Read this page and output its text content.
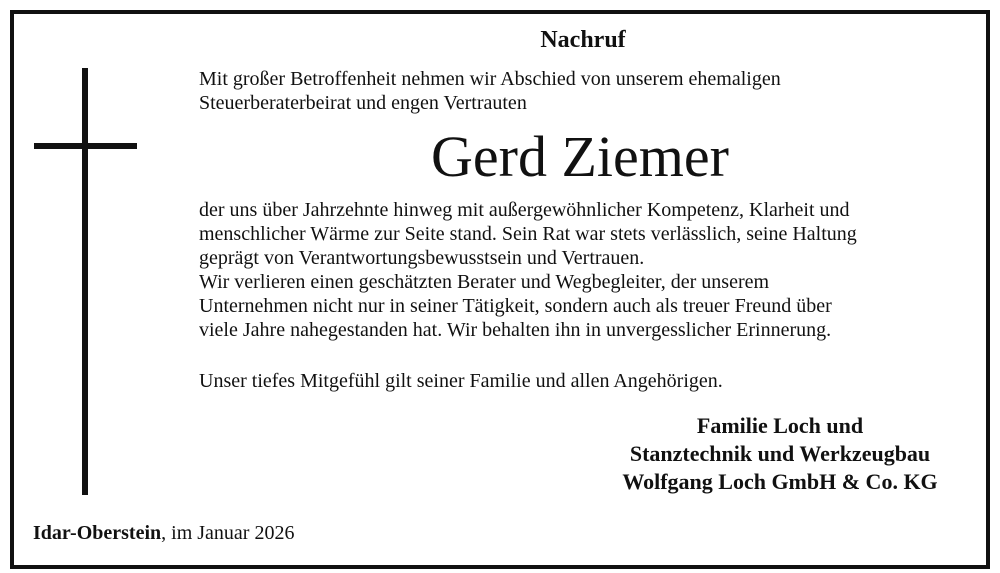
Nachruf
Mit großer Betroffenheit nehmen wir Abschied von unserem ehemaligen
Steuerberaterbeirat und engen Vertrauten
Gerd Ziemer
der uns über Jahrzehnte hinweg mit außergewöhnlicher Kompetenz, Klarheit und
menschlicher Wärme zur Seite stand. Sein Rat war stets verlässlich, seine Haltung
geprägt von Verantwortungsbewusstsein und Vertrauen.
Wir verlieren einen geschätzten Berater und Wegbegleiter, der unserem
Unternehmen nicht nur in seiner Tätigkeit, sondern auch als treuer Freund über
viele Jahre nahegestanden hat. Wir behalten ihn in unvergesslicher Erinnerung.
Unser tiefes Mitgefühl gilt seiner Familie und allen Angehörigen.
Familie Loch und
Stanztechnik und Werkzeugbau
Wolfgang Loch GmbH & Co. KG
Idar-Oberstein, im Januar 2026
